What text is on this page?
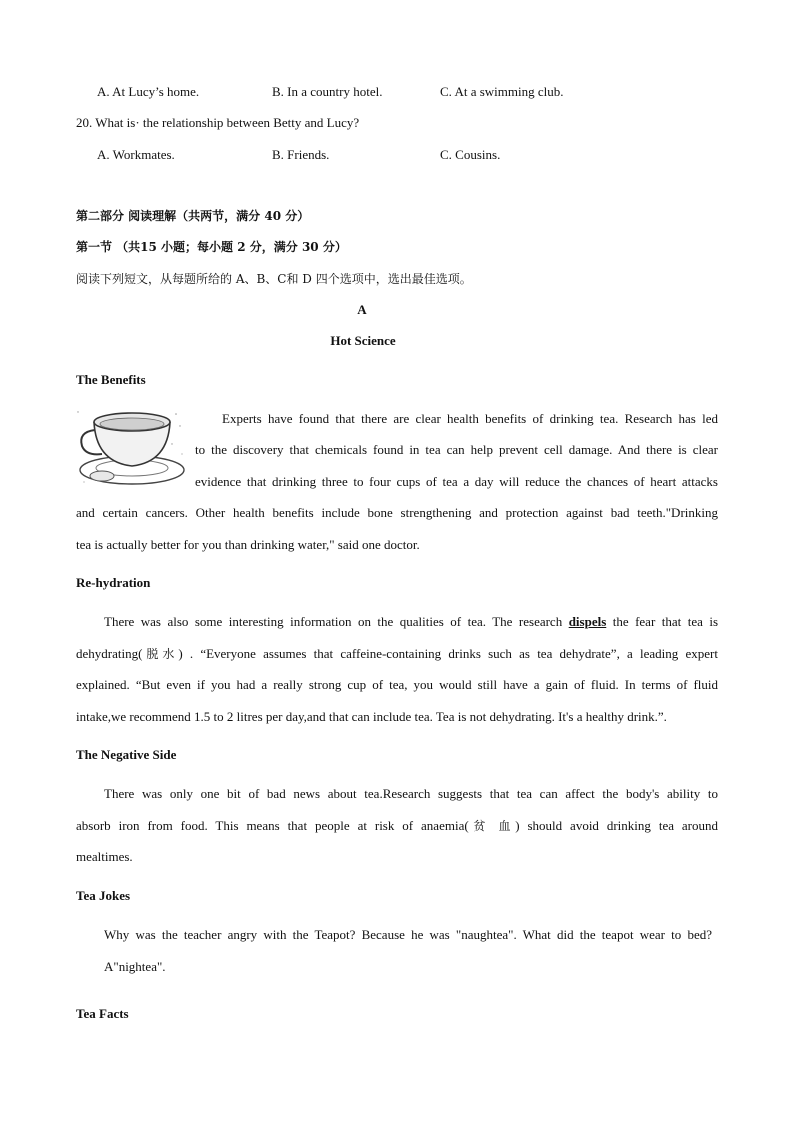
A. At Lucy’s home.	B. In a country hotel.	C. At a swimming club.
20. What is· the relationship between Betty and Lucy?
A. Workmates.	B. Friends.	C. Cousins.
第二部分 阅读理解（共两节，满分 40 分）
第一节 （共15 小题；每小题 2 分，满分 30 分）
阅读下列短文，从每题所给的 A、B、C和 D 四个选项中，选出最佳选项。
A
Hot Science
The Benefits
Experts have found that there are clear health benefits of drinking tea. Research has led
to the discovery that chemicals found in tea can help prevent cell damage. And there is clear
evidence that drinking three to four cups of tea a day will reduce the chances of heart attacks
and certain cancers. Other health benefits include bone strengthening and protection against bad teeth."Drinking
tea is actually better for you than drinking water," said one doctor.
Re-hydration
There was also some interesting information on the qualities of tea. The research dispels the fear that tea is
dehydrating(脱水) . “Everyone assumes that caffeine-containing drinks such as tea dehydrate”, a leading expert
explained. “But even if you had a really strong cup of tea, you would still have a gain of fluid. In terms of fluid
intake,we recommend 1.5 to 2 litres per day,and that can include tea. Tea is not dehydrating. It's a healthy drink.”.
The Negative Side
There was only one bit of bad news about tea.Research suggests that tea can affect the body's ability to
absorb iron from food. This means that people at risk of anaemia(贫 血) should avoid drinking tea around
mealtimes.
Tea Jokes
Why was the teacher angry with the Teapot? Because he was "naughtea". What did the teapot wear to bed?
A"nightea".
Tea Facts
